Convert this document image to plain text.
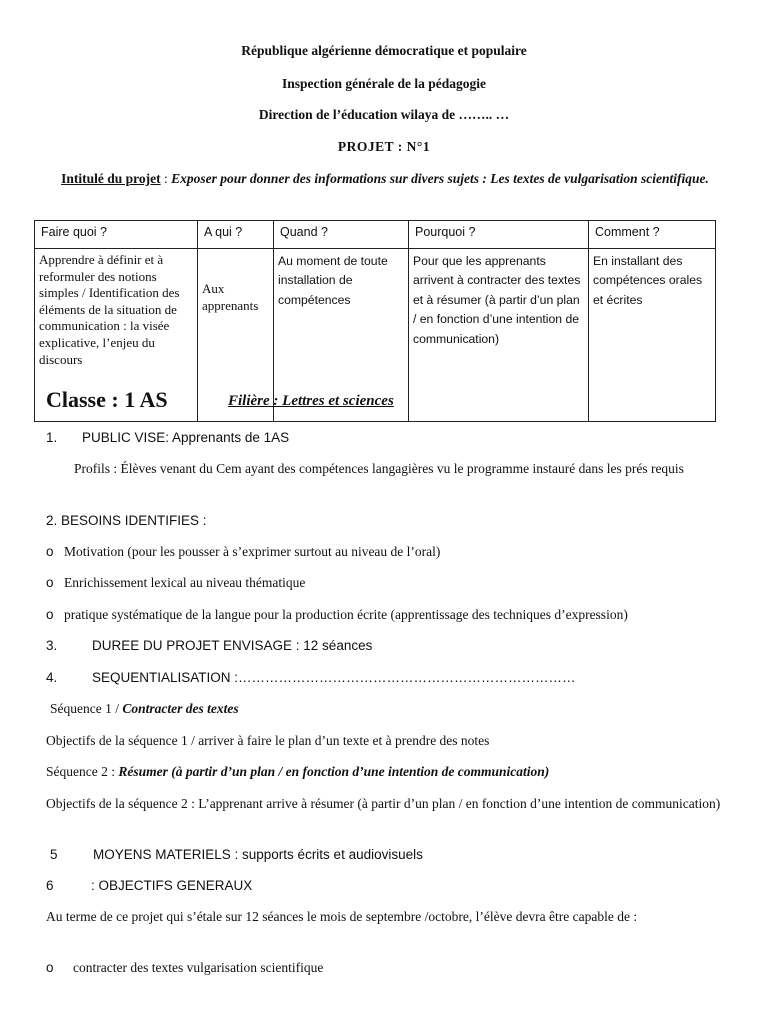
République algérienne démocratique et populaire
Inspection générale de la pédagogie
Direction de l’éducation wilaya de …….. …
PROJET : N°1
Intitulé du projet : Exposer pour donner des informations sur divers sujets : Les textes de vulgarisation scientifique.
Faire quoi ?	A qui ?	Quand ?	Pourquoi ?	Comment ?
Apprendre à définir et à reformuler des notions simples / Identification des éléments de la situation de communication : la visée explicative, l’enjeu du discours	Aux apprenants	Au moment de toute installation de compétences	Pour que les apprenants arrivent à contracter des textes et à résumer (à partir d’un plan / en fonction d’une intention de communication)	En installant des compétences orales et écrites
Classe : 1 AS	Filière : Lettres et sciences
1. PUBLIC VISE: Apprenants de 1AS
Profils : Élèves venant du Cem ayant des compétences langagières vu le programme instauré dans les prés requis
2. BESOINS IDENTIFIES :
o Motivation (pour les pousser à s’exprimer surtout au niveau de l’oral)
o Enrichissement lexical au niveau thématique
o pratique systématique de la langue pour la production écrite (apprentissage des techniques d’expression)
3.	DUREE DU PROJET ENVISAGE : 12 séances
4.	SEQUENTIALISATION :…………………………………………………………………
Séquence 1 / Contracter des textes
Objectifs de la séquence 1 / arriver à faire le plan d’un texte et à prendre des notes
Séquence 2 : Résumer (à partir d’un plan / en fonction d’une intention de communication)
Objectifs de la séquence 2 : L’apprenant arrive à résumer (à partir d’un plan / en fonction d’une intention de communication)
5	MOYENS MATERIELS : supports écrits et audiovisuels
6	: OBJECTIFS GENERAUX
Au terme de ce projet qui s’étale sur 12 séances le mois de septembre /octobre, l’élève devra être capable de :
o contracter des textes vulgarisation scientifique
